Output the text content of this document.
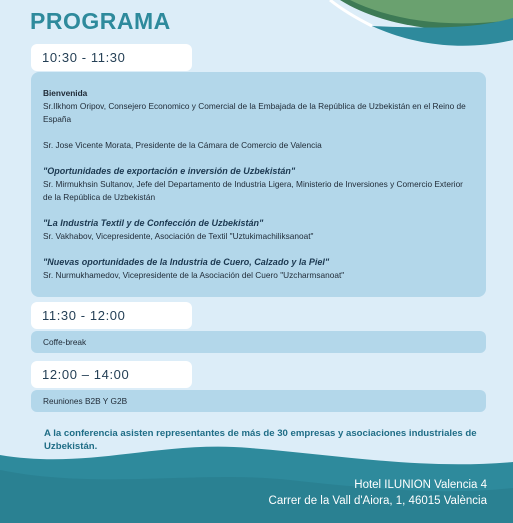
PROGRAMA
10:30 - 11:30

Bienvenida

Sr.Ilkhom Oripov, Consejero Economico y Comercial de la Embajada de la República de Uzbekistán en el Reino de España

Sr. Jose Vicente Morata, Presidente de la Cámara de Comercio de Valencia

"Oportunidades de exportación e inversión de Uzbekistán"

Sr. Mirmukhsin Sultanov, Jefe del Departamento de Industria Ligera, Ministerio de Inversiones y Comercio Exterior de la República de Uzbekistán

"La Industria Textil y de Confección de Uzbekistán"

Sr. Vakhabov, Vicepresidente, Asociación de Textil "Uztukimachiliksanoat"

"Nuevas oportunidades de la Industria de Cuero, Calzado y la Piel"

Sr. Nurmukhamedov, Vicepresidente de la Asociación del Cuero "Uzcharmsanoat"

11:30 - 12:00
Coffe-break
12:00 – 14:00
Reuniones B2B Y G2B
A la conferencia asisten representantes de más de 30 empresas y asociaciones industriales de Uzbekistán.
Hotel ILUNION Valencia 4
Carrer de la Vall d'Aiora, 1, 46015 València
